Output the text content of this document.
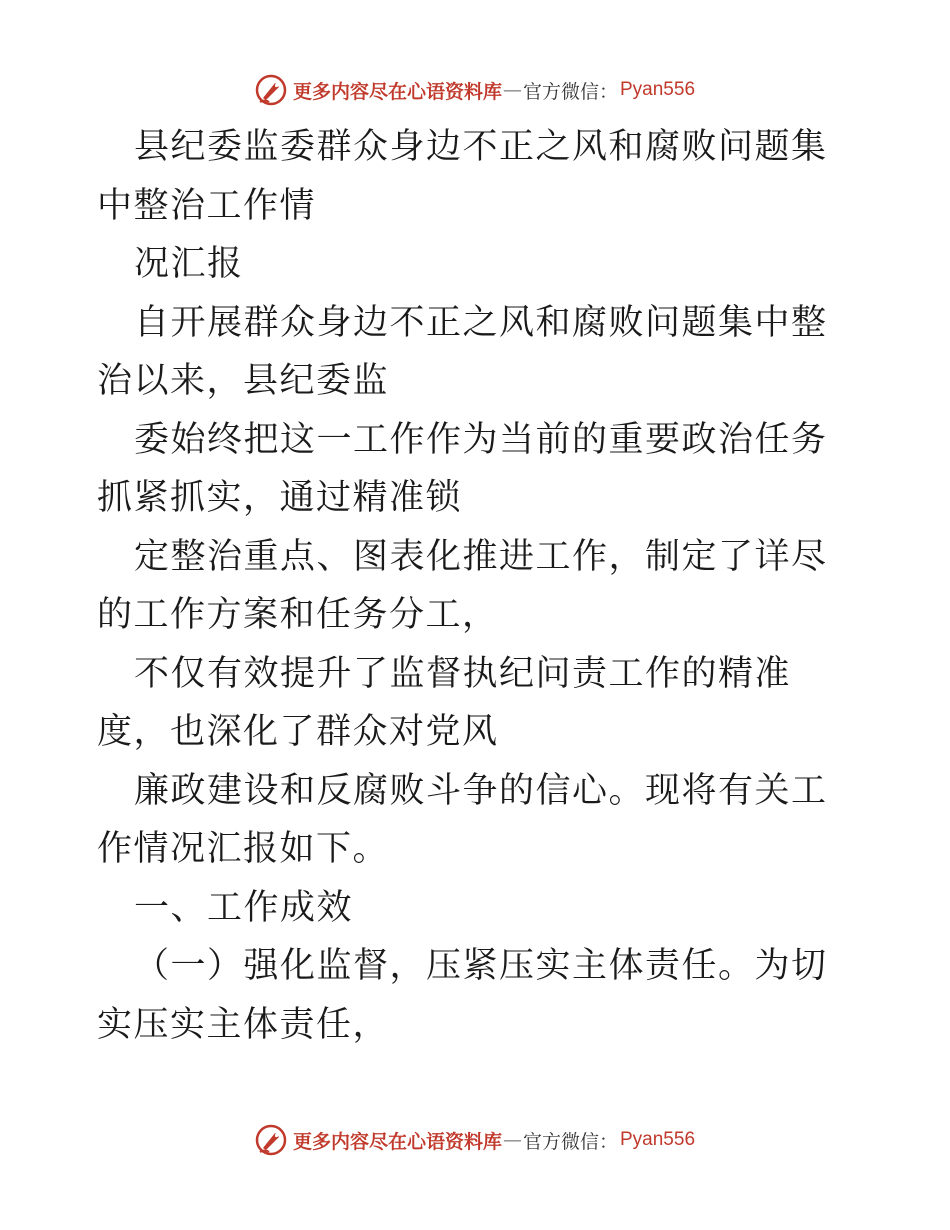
更多内容尽在心语资料库 — 官方微信： Pyan556

县纪委监委群众身边不正之风和腐败问题集中整治工作情

况汇报

自开展群众身边不正之风和腐败问题集中整治以来，县纪委监

委始终把这一工作作为当前的重要政治任务抓紧抓实，通过精准锁

定整治重点、图表化推进工作，制定了详尽的工作方案和任务分工，

不仅有效提升了监督执纪问责工作的精准度，也深化了群众对党风

廉政建设和反腐败斗争的信心。现将有关工作情况汇报如下。

一、工作成效

（一）强化监督，压紧压实主体责任。为切实压实主体责任，

更多内容尽在心语资料库 — 官方微信： Pyan556
